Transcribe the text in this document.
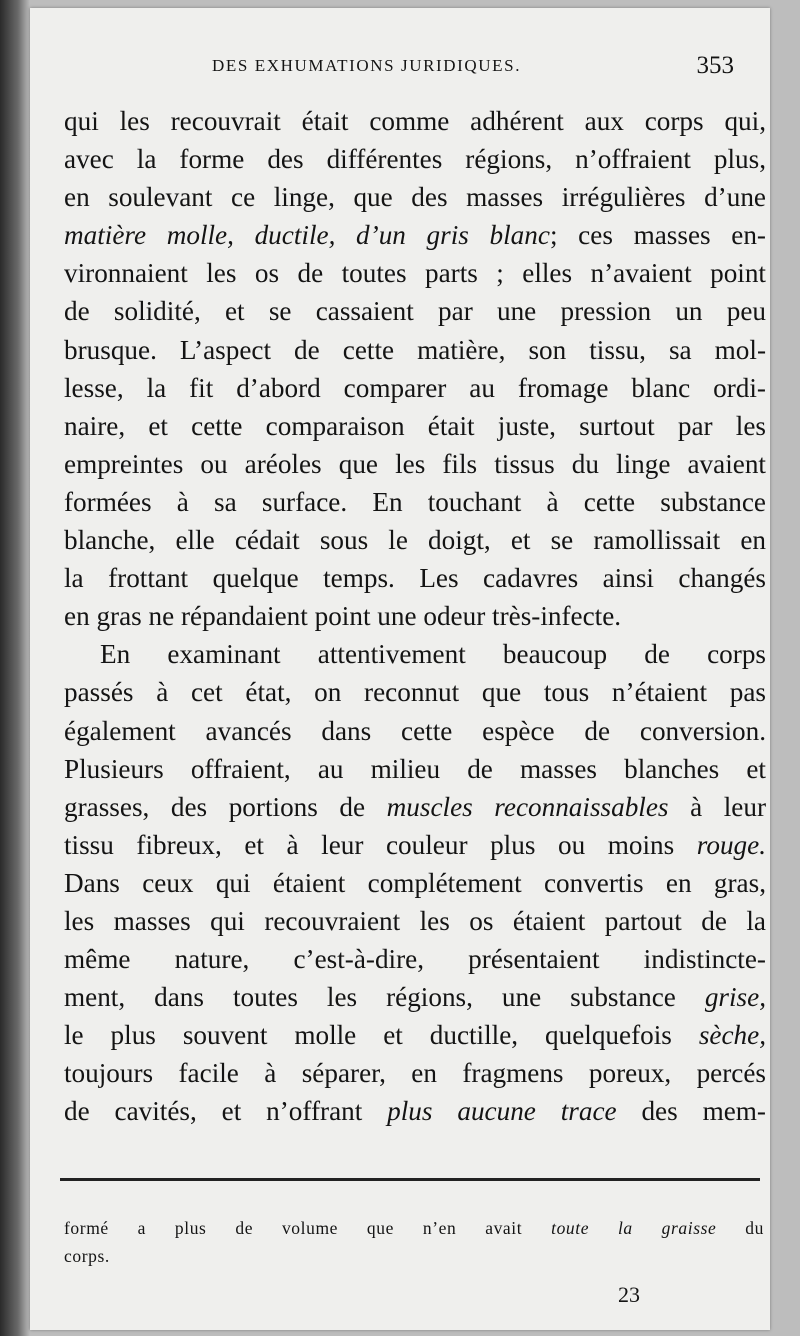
DES EXHUMATIONS JURIDIQUES.	353
qui les recouvrait était comme adhérent aux corps qui,
avec la forme des différentes régions, n’offraient plus,
en soulevant ce linge, que des masses irrégulières d’une
matière molle, ductile, d’un gris blanc; ces masses en-
vironnaient les os de toutes parts ; elles n’avaient point
de solidité, et se cassaient par une pression un peu
brusque. L’aspect de cette matière, son tissu, sa mol-
lesse, la fit d’abord comparer au fromage blanc ordi-
naire, et cette comparaison était juste, surtout par les
empreintes ou aréoles que les fils tissus du linge avaient
formées à sa surface. En touchant à cette substance
blanche, elle cédait sous le doigt, et se ramollissait en
la frottant quelque temps. Les cadavres ainsi changés
en gras ne répandaient point une odeur très-infecte.
En examinant attentivement beaucoup de corps
passés à cet état, on reconnut que tous n’étaient pas
également avancés dans cette espèce de conversion.
Plusieurs offraient, au milieu de masses blanches et
grasses, des portions de muscles reconnaissables à leur
tissu fibreux, et à leur couleur plus ou moins rouge.
Dans ceux qui étaient complétement convertis en gras,
les masses qui recouvraient les os étaient partout de la
même nature, c’est-à-dire, présentaient indistincte-
ment, dans toutes les régions, une substance grise,
le plus souvent molle et ductille, quelquefois sèche,
toujours facile à séparer, en fragmens poreux, percés
de cavités, et n’offrant plus aucune trace des mem-
formé a plus de volume que n’en avait toute la graisse du
corps.
23
